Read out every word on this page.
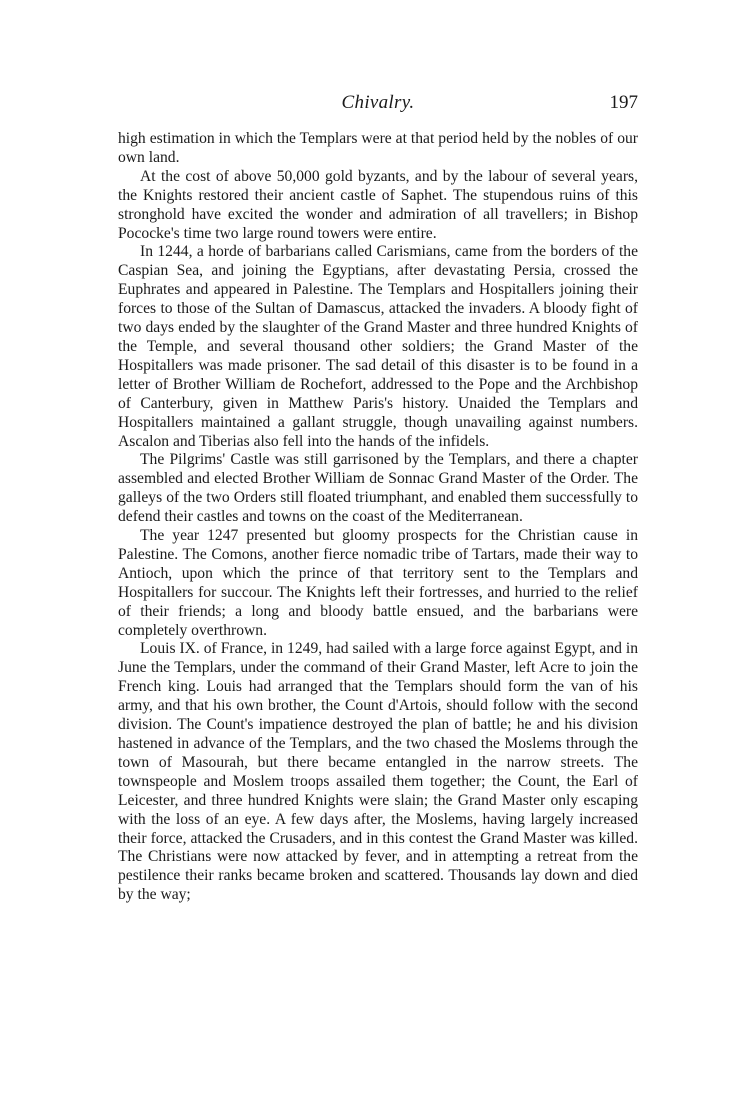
Chivalry.	197

high estimation in which the Templars were at that period held by the nobles of our own land.

At the cost of above 50,000 gold byzants, and by the labour of several years, the Knights restored their ancient castle of Saphet. The stupendous ruins of this stronghold have excited the wonder and admiration of all travellers; in Bishop Pococke's time two large round towers were entire.

In 1244, a horde of barbarians called Carismians, came from the borders of the Caspian Sea, and joining the Egyptians, after devastating Persia, crossed the Euphrates and appeared in Palestine. The Templars and Hospitallers joining their forces to those of the Sultan of Damascus, attacked the invaders. A bloody fight of two days ended by the slaughter of the Grand Master and three hundred Knights of the Temple, and several thousand other soldiers; the Grand Master of the Hospitallers was made prisoner. The sad detail of this disaster is to be found in a letter of Brother William de Rochefort, addressed to the Pope and the Archbishop of Canterbury, given in Matthew Paris's history. Unaided the Templars and Hospitallers maintained a gallant struggle, though unavailing against numbers. Ascalon and Tiberias also fell into the hands of the infidels.

The Pilgrims' Castle was still garrisoned by the Templars, and there a chapter assembled and elected Brother William de Sonnac Grand Master of the Order. The galleys of the two Orders still floated triumphant, and enabled them successfully to defend their castles and towns on the coast of the Mediterranean.

The year 1247 presented but gloomy prospects for the Christian cause in Palestine. The Comons, another fierce nomadic tribe of Tartars, made their way to Antioch, upon which the prince of that territory sent to the Templars and Hospitallers for succour. The Knights left their fortresses, and hurried to the relief of their friends; a long and bloody battle ensued, and the barbarians were completely overthrown.

Louis IX. of France, in 1249, had sailed with a large force against Egypt, and in June the Templars, under the command of their Grand Master, left Acre to join the French king. Louis had arranged that the Templars should form the van of his army, and that his own brother, the Count d'Artois, should follow with the second division. The Count's impatience destroyed the plan of battle; he and his division hastened in advance of the Templars, and the two chased the Moslems through the town of Masourah, but there became entangled in the narrow streets. The townspeople and Moslem troops assailed them together; the Count, the Earl of Leicester, and three hundred Knights were slain; the Grand Master only escaping with the loss of an eye. A few days after, the Moslems, having largely increased their force, attacked the Crusaders, and in this contest the Grand Master was killed. The Christians were now attacked by fever, and in attempting a retreat from the pestilence their ranks became broken and scattered. Thousands lay down and died by the way;
